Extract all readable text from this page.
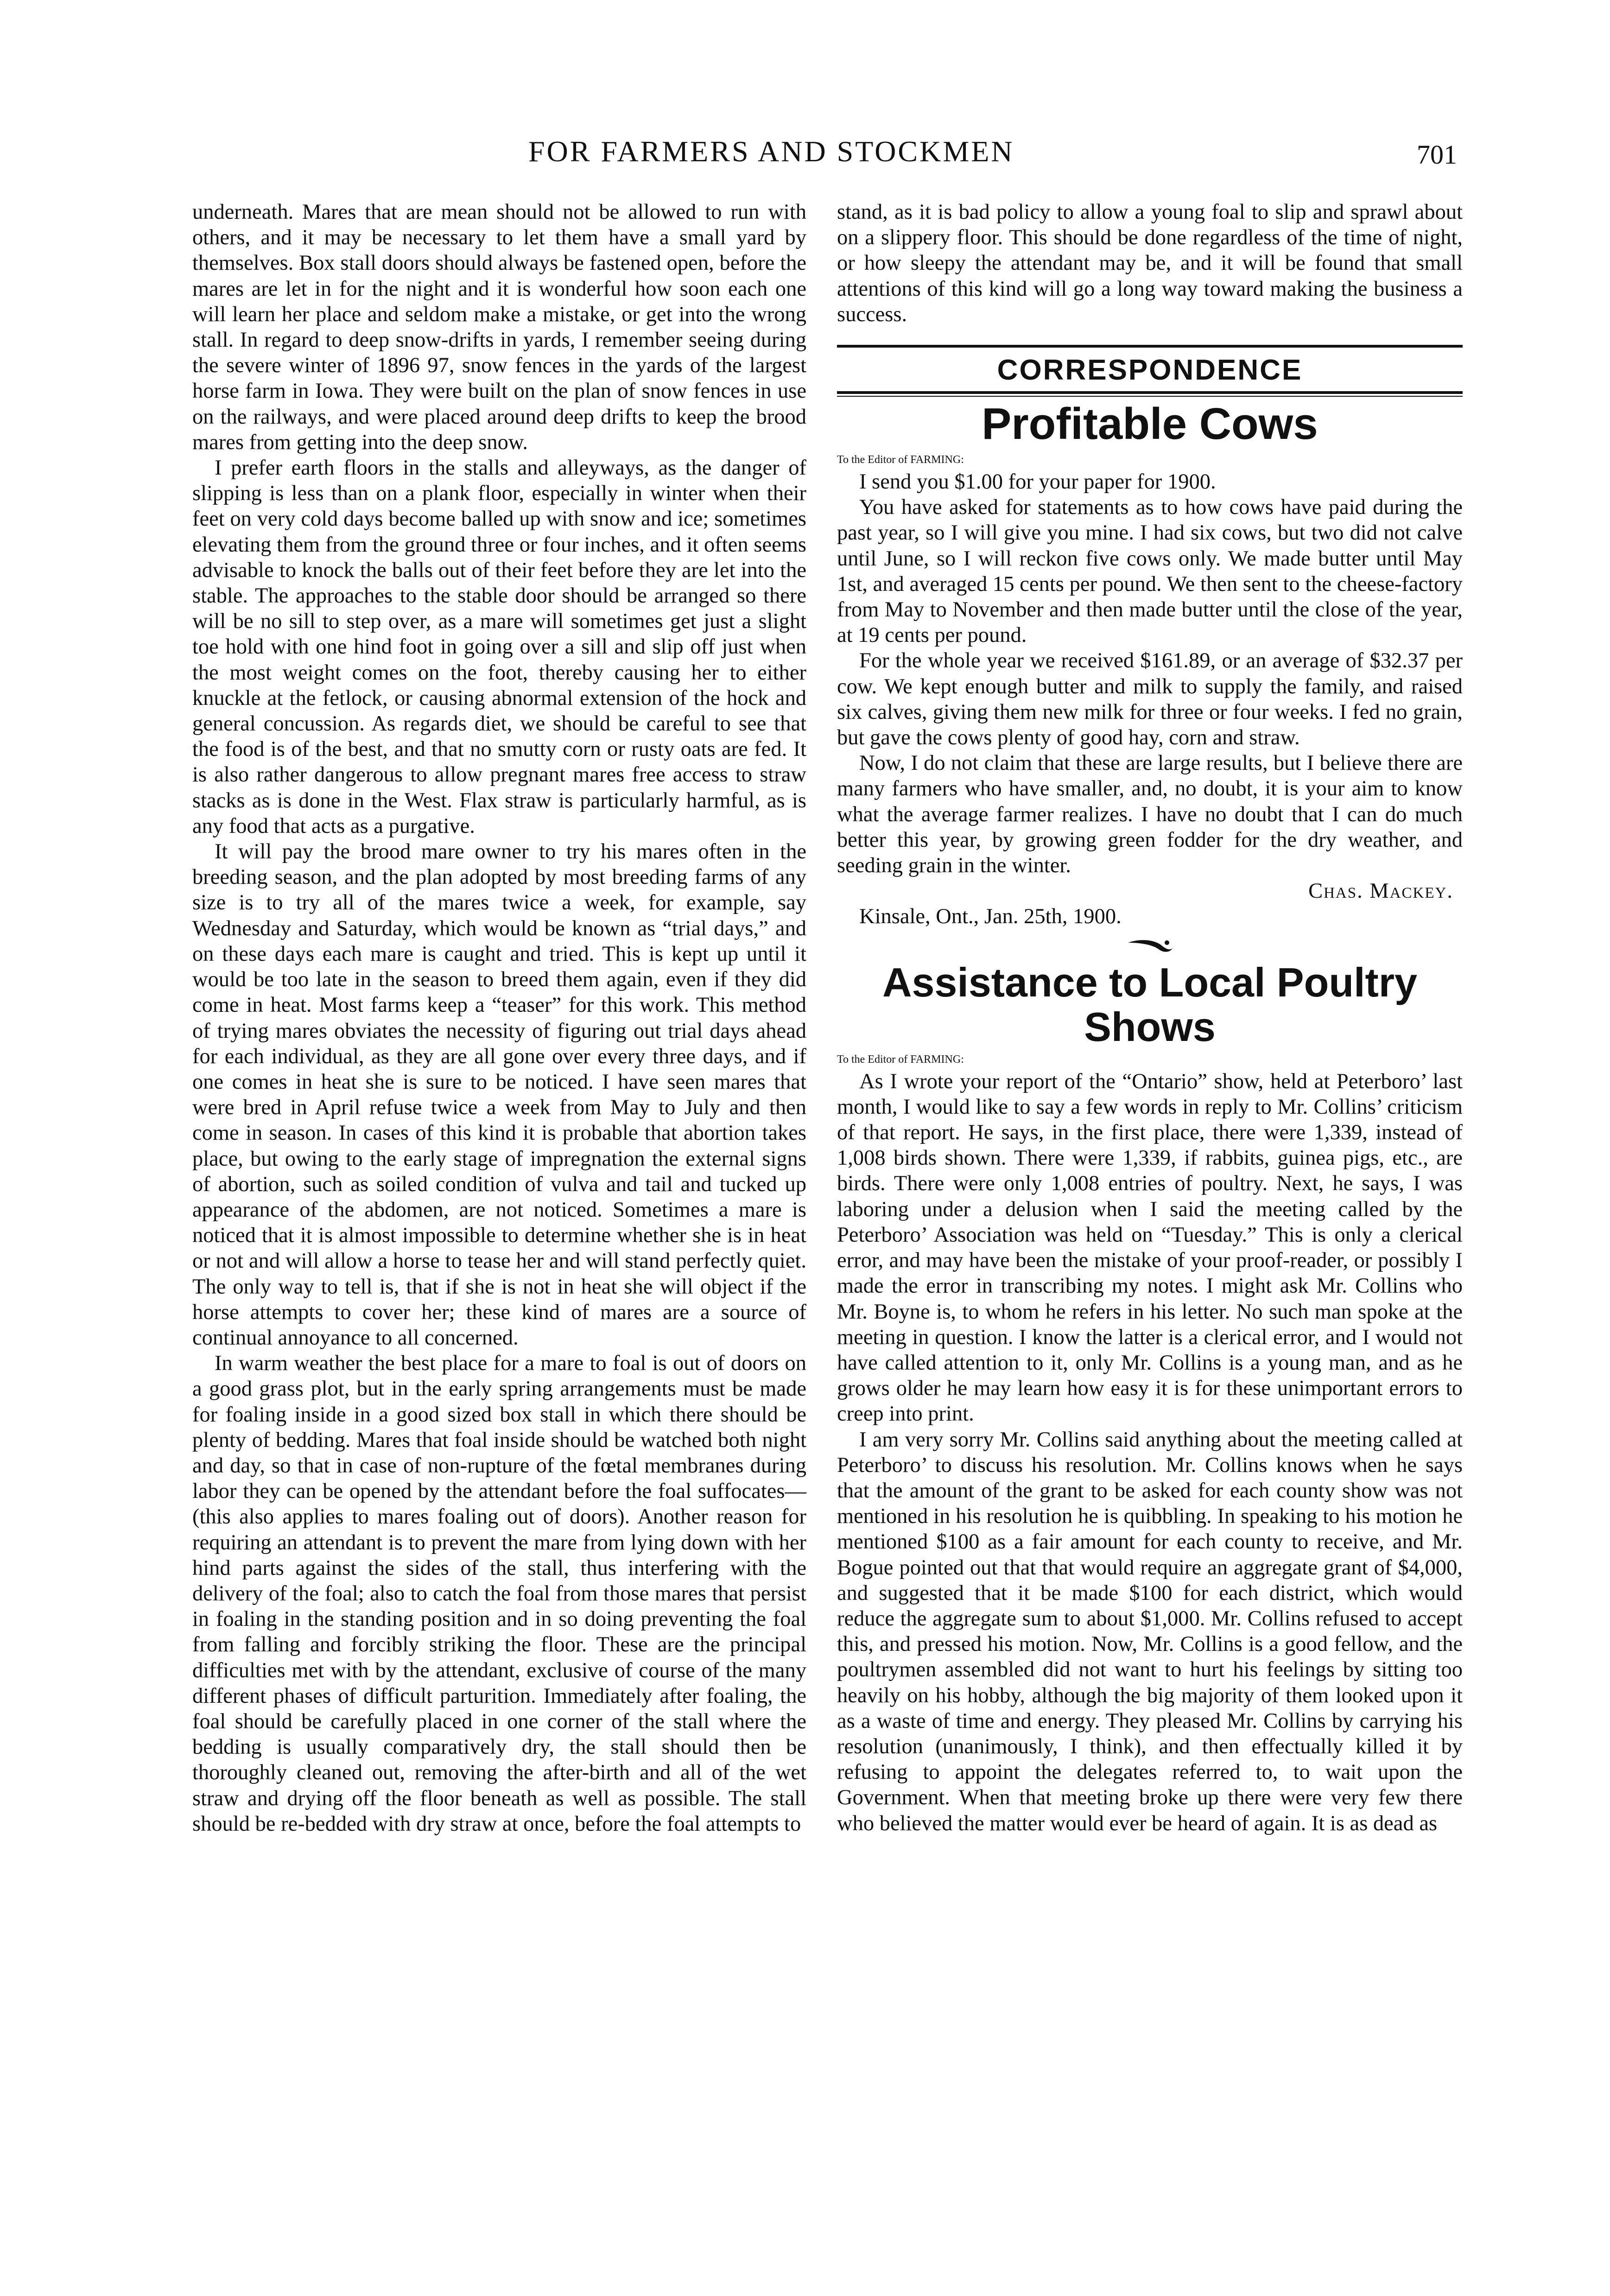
FOR FARMERS AND STOCKMEN	701

underneath. Mares that are mean should not be allowed to run with others, and it may be necessary to let them have a small yard by themselves. Box stall doors should always be fastened open, before the mares are let in for the night and it is wonderful how soon each one will learn her place and seldom make a mistake, or get into the wrong stall. In regard to deep snow-drifts in yards, I remember seeing during the severe winter of 1896 97, snow fences in the yards of the largest horse farm in Iowa. They were built on the plan of snow fences in use on the railways, and were placed around deep drifts to keep the brood mares from getting into the deep snow.

I prefer earth floors in the stalls and alleyways, as the danger of slipping is less than on a plank floor, especially in winter when their feet on very cold days become balled up with snow and ice; sometimes elevating them from the ground three or four inches, and it often seems advisable to knock the balls out of their feet before they are let into the stable. The approaches to the stable door should be arranged so there will be no sill to step over, as a mare will sometimes get just a slight toe hold with one hind foot in going over a sill and slip off just when the most weight comes on the foot, thereby causing her to either knuckle at the fetlock, or causing abnormal extension of the hock and general concussion. As regards diet, we should be careful to see that the food is of the best, and that no smutty corn or rusty oats are fed. It is also rather dangerous to allow pregnant mares free access to straw stacks as is done in the West. Flax straw is particularly harmful, as is any food that acts as a purgative.

It will pay the brood mare owner to try his mares often in the breeding season, and the plan adopted by most breeding farms of any size is to try all of the mares twice a week, for example, say Wednesday and Saturday, which would be known as “trial days,” and on these days each mare is caught and tried. This is kept up until it would be too late in the season to breed them again, even if they did come in heat. Most farms keep a “teaser” for this work. This method of trying mares obviates the necessity of figuring out trial days ahead for each individual, as they are all gone over every three days, and if one comes in heat she is sure to be noticed. I have seen mares that were bred in April refuse twice a week from May to July and then come in season. In cases of this kind it is probable that abortion takes place, but owing to the early stage of impregnation the external signs of abortion, such as soiled condition of vulva and tail and tucked up appearance of the abdomen, are not noticed. Sometimes a mare is noticed that it is almost impossible to determine whether she is in heat or not and will allow a horse to tease her and will stand perfectly quiet. The only way to tell is, that if she is not in heat she will object if the horse attempts to cover her; these kind of mares are a source of continual annoyance to all concerned.

In warm weather the best place for a mare to foal is out of doors on a good grass plot, but in the early spring arrangements must be made for foaling inside in a good sized box stall in which there should be plenty of bedding. Mares that foal inside should be watched both night and day, so that in case of non-rupture of the fœtal membranes during labor they can be opened by the attendant before the foal suffocates—(this also applies to mares foaling out of doors). Another reason for requiring an attendant is to prevent the mare from lying down with her hind parts against the sides of the stall, thus interfering with the delivery of the foal; also to catch the foal from those mares that persist in foaling in the standing position and in so doing preventing the foal from falling and forcibly striking the floor. These are the principal difficulties met with by the attendant, exclusive of course of the many different phases of difficult parturition. Immediately after foaling, the foal should be carefully placed in one corner of the stall where the bedding is usually comparatively dry, the stall should then be thoroughly cleaned out, removing the after-birth and all of the wet straw and drying off the floor beneath as well as possible. The stall should be re-bedded with dry straw at once, before the foal attempts to

stand, as it is bad policy to allow a young foal to slip and sprawl about on a slippery floor. This should be done regardless of the time of night, or how sleepy the attendant may be, and it will be found that small attentions of this kind will go a long way toward making the business a success.

CORRESPONDENCE
Profitable Cows

To the Editor of FARMING:

I send you $1.00 for your paper for 1900.

You have asked for statements as to how cows have paid during the past year, so I will give you mine. I had six cows, but two did not calve until June, so I will reckon five cows only. We made butter until May 1st, and averaged 15 cents per pound. We then sent to the cheese-factory from May to November and then made butter until the close of the year, at 19 cents per pound.

For the whole year we received $161.89, or an average of $32.37 per cow. We kept enough butter and milk to supply the family, and raised six calves, giving them new milk for three or four weeks. I fed no grain, but gave the cows plenty of good hay, corn and straw.

Now, I do not claim that these are large results, but I believe there are many farmers who have smaller, and, no doubt, it is your aim to know what the average farmer realizes. I have no doubt that I can do much better this year, by growing green fodder for the dry weather, and seeding grain in the winter.

Chas. Mackey.

Kinsale, Ont., Jan. 25th, 1900.

Assistance to Local Poultry
Shows

To the Editor of FARMING:

As I wrote your report of the “Ontario” show, held at Peterboro’ last month, I would like to say a few words in reply to Mr. Collins’ criticism of that report. He says, in the first place, there were 1,339, instead of 1,008 birds shown. There were 1,339, if rabbits, guinea pigs, etc., are birds. There were only 1,008 entries of poultry. Next, he says, I was laboring under a delusion when I said the meeting called by the Peterboro’ Association was held on “Tuesday.” This is only a clerical error, and may have been the mistake of your proof-reader, or possibly I made the error in transcribing my notes. I might ask Mr. Collins who Mr. Boyne is, to whom he refers in his letter. No such man spoke at the meeting in question. I know the latter is a clerical error, and I would not have called attention to it, only Mr. Collins is a young man, and as he grows older he may learn how easy it is for these unimportant errors to creep into print.

I am very sorry Mr. Collins said anything about the meeting called at Peterboro’ to discuss his resolution. Mr. Collins knows when he says that the amount of the grant to be asked for each county show was not mentioned in his resolution he is quibbling. In speaking to his motion he mentioned $100 as a fair amount for each county to receive, and Mr. Bogue pointed out that that would require an aggregate grant of $4,000, and suggested that it be made $100 for each district, which would reduce the aggregate sum to about $1,000. Mr. Collins refused to accept this, and pressed his motion. Now, Mr. Collins is a good fellow, and the poultrymen assembled did not want to hurt his feelings by sitting too heavily on his hobby, although the big majority of them looked upon it as a waste of time and energy. They pleased Mr. Collins by carrying his resolution (unanimously, I think), and then effectually killed it by refusing to appoint the delegates referred to, to wait upon the Government. When that meeting broke up there were very few there who believed the matter would ever be heard of again. It is as dead as
